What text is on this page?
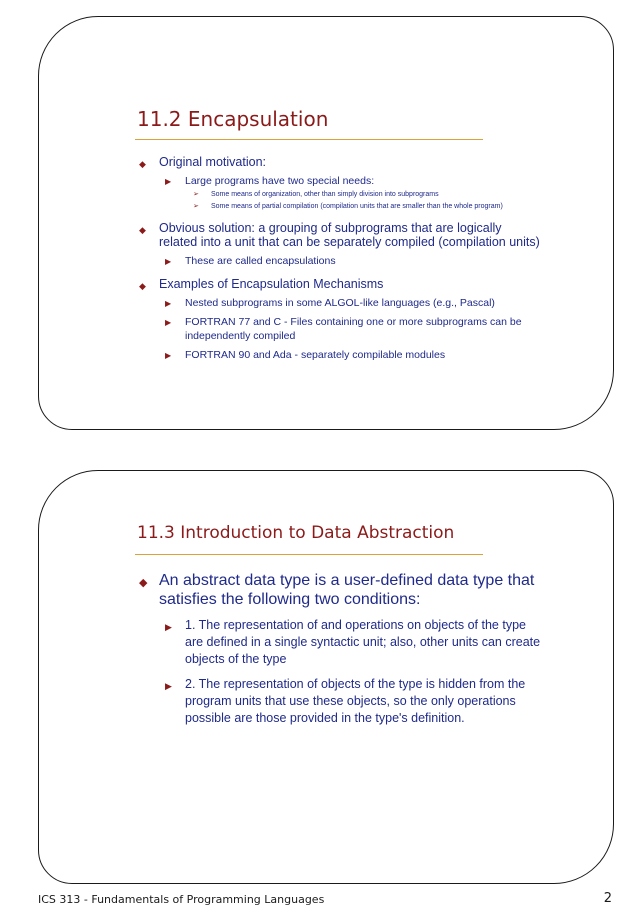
11.2 Encapsulation
◆ Original motivation:
▶ Large programs have two special needs:
➢ Some means of organization, other than simply division into subprograms
➢ Some means of partial compilation (compilation units that are smaller than the whole program)
◆ Obvious solution: a grouping of subprograms that are logically related into a unit that can be separately compiled (compilation units)
▶ These are called encapsulations
◆ Examples of Encapsulation Mechanisms
▶ Nested subprograms in some ALGOL-like languages (e.g., Pascal)
▶ FORTRAN 77 and C - Files containing one or more subprograms can be independently compiled
▶ FORTRAN 90 and Ada - separately compilable modules
11.3 Introduction to Data Abstraction
◆ An abstract data type is a user-defined data type that satisfies the following two conditions:
▶ 1. The representation of and operations on objects of the type are defined in a single syntactic unit; also, other units can create objects of the type
▶ 2. The representation of objects of the type is hidden from the program units that use these objects, so the only operations possible are those provided in the type's definition.
ICS 313 - Fundamentals of Programming Languages	2
